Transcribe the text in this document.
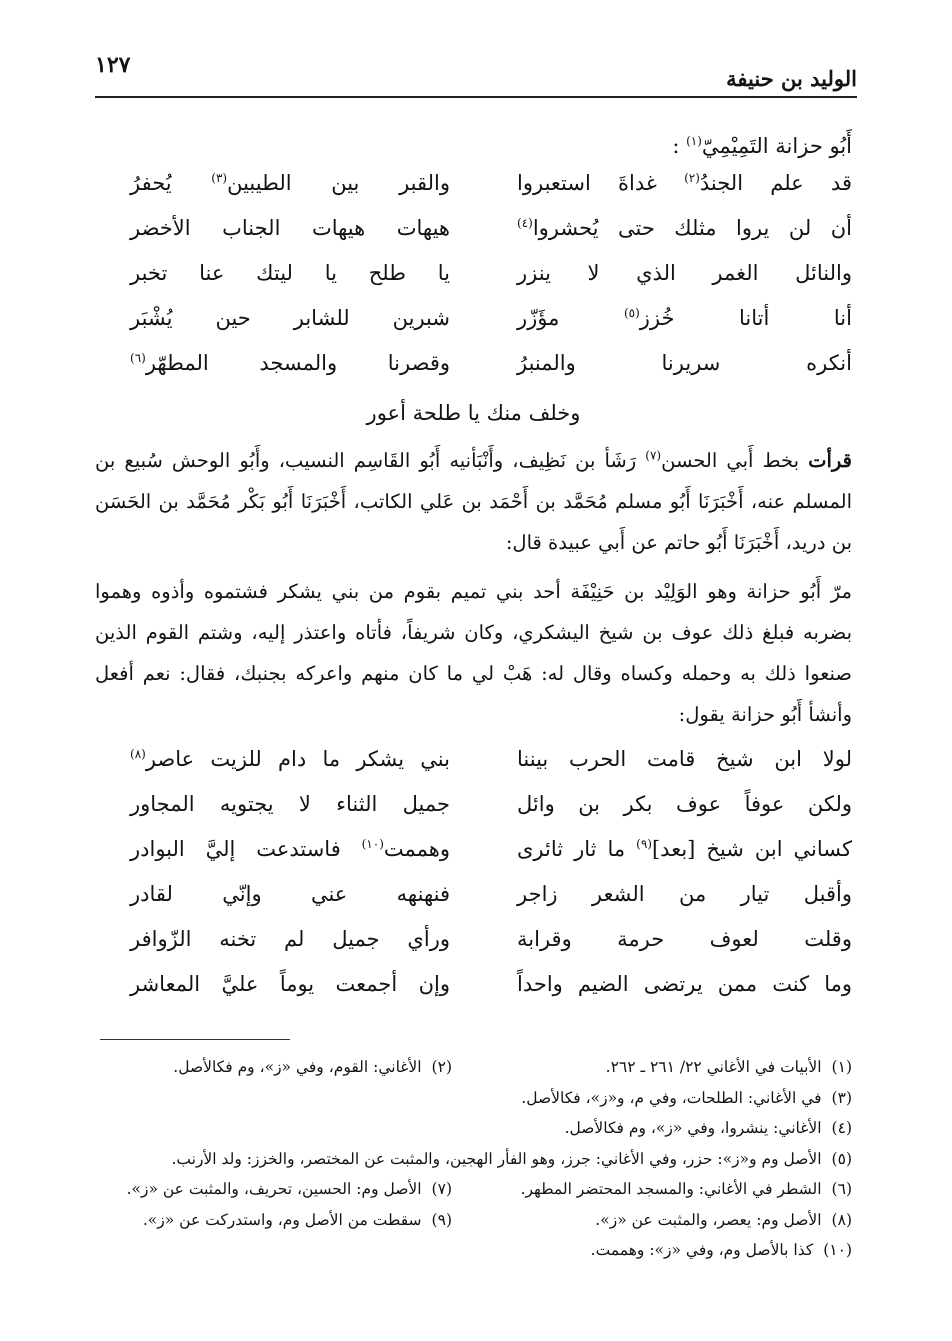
١٢٧
الوليد بن حنيفة
أَبُو حزانة التَمِيْمِيّ$^{(١)}$ :
قد علم الجندُ$^{(٢)}$ غداةَ استعبروا
والقبر بين الطيبين$^{(٣)}$ يُحفرُ
أن لن يروا مثلك حتى يُحشروا$^{(٤)}$
هيهات هيهات الجناب الأخضر
والنائل الغمر الذي لا ينزر
يا طلح يا ليتك عنا تخبر
أنا أتانا خُزز$^{(٥)}$ مؤَزّر
شبرين للشابر حين يُشْبَر
أنكره سريرنا والمنبرُ
وقصرنا والمسجد المطهّر$^{(٦)}$
وخلف منك يا طلحة أعور

قرأت بخط أَبي الحسن$^{(٧)}$ رَشَأ بن نَظِيف، وأَنْبَأنيه أَبُو القَاسِم النسيب، وأَبُو الوحش سُبيع بن المسلم عنه، أَخْبَرَنَا أَبُو مسلم مُحَمَّد بن أَحْمَد بن عَلي الكاتب، أَخْبَرَنَا أَبُو بَكْر مُحَمَّد بن الحَسَن بن دريد، أَخْبَرَنَا أَبُو حاتم عن أَبي عبيدة قال:

مرّ أَبُو حزانة وهو الوَلِيْد بن حَنِيْفَة أحد بني تميم بقوم من بني يشكر فشتموه وأذوه وهموا بضربه فبلغ ذلك عوف بن شيخ اليشكري، وكان شريفاً، فأتاه واعتذر إليه، وشتم القوم الذين صنعوا ذلك به وحمله وكساه وقال له: هَبْ لي ما كان منهم واعركه بجنبك، فقال: نعم أفعل وأنشأ أَبُو حزانة يقول:

لولا ابن شيخ قامت الحرب بيننا
بني يشكر ما دام للزيت عاصر$^{(٨)}$
ولكن عوفاً عوف بكر بن وائل
جميل الثناء لا يجتويه المجاور
كساني ابن شيخ [بعد]$^{(٩)}$ ما ثار ثائرى
وهممت$^{(١٠)}$ فاستدعت إليَّ البوادر
وأقبل تيار من الشعر زاجر
فنهنهه عني وإنّي لقادر
وقلت لعوف حرمة وقرابة
ورأي جميل لم تخنه الزّوافر
وما كنت ممن يرتضى الضيم واحداً
وإن أجمعت يوماً عليَّ المعاشر
(١)الأبيات في الأغاني ٢٢/ ٢٦١ ـ ٢٦٢.
(٢)الأغاني: القوم، وفي «ز»، وم فكالأصل.
(٣)في الأغاني: الطلحات، وفي م، و«ز»، فكالأصل.
(٤)الأغاني: ينشروا، وفي «ز»، وم فكالأصل.
(٥)الأصل وم و«ز»: حزر، وفي الأغاني: جرز، وهو الفأر الهجين، والمثبت عن المختصر، والخزز: ولد الأرنب.
(٦)الشطر في الأغاني: والمسجد المحتضر المطهر.
(٧)الأصل وم: الحسين، تحريف، والمثبت عن «ز».
(٨)الأصل وم: يعصر، والمثبت عن «ز».
(٩)سقطت من الأصل وم، واستدركت عن «ز».
(١٠)كذا بالأصل وم، وفي «ز»: وهممت.
